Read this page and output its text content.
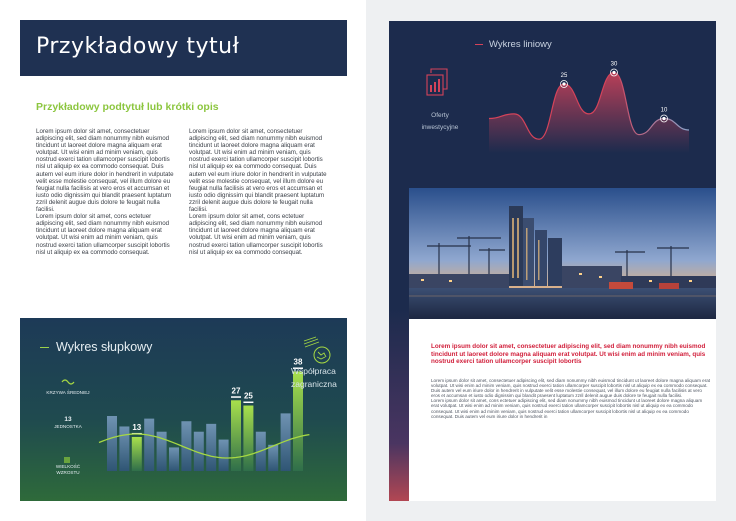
Przykładowy tytuł
Przykładowy podtytuł lub krótki opis

Lorem ipsum dolor sit amet, consectetuer adipiscing elit, sed diam nonummy nibh euismod tincidunt ut laoreet dolore magna aliquam erat volutpat. Ut wisi enim ad minim veniam, quis nostrud exerci tation ullamcorper suscipit lobortis nisl ut aliquip ex ea commodo consequat. Duis autem vel eum iriure dolor in hendrerit in vulputate velit esse molestie consequat, vel illum dolore eu feugiat nulla facilisis at vero eros et accumsan et iusto odio dignissim qui blandit praesent luptatum zzril delenit augue duis dolore te feugait nulla facilisi.

Lorem ipsum dolor sit amet, cons ectetuer adipiscing elit, sed diam nonummy nibh euismod tincidunt ut laoreet dolore magna aliquam erat volutpat. Ut wisi enim ad minim veniam, quis nostrud exerci tation ullamcorper suscipit lobortis nisl ut aliquip ex ea commodo consequat.

Lorem ipsum dolor sit amet, consectetuer adipiscing elit, sed diam nonummy nibh euismod tincidunt ut laoreet dolore magna aliquam erat volutpat. Ut wisi enim ad minim veniam, quis nostrud exerci tation ullamcorper suscipit lobortis nisl ut aliquip ex ea commodo consequat. Duis autem vel eum iriure dolor in hendrerit in vulputate velit esse molestie consequat, vel illum dolore eu feugiat nulla facilisis at vero eros et accumsan et iusto odio dignissim qui blandit praesent luptatum zzril delenit augue duis dolore te feugait nulla facilisi.

Lorem ipsum dolor sit amet, cons ectetuer adipiscing elit, sed diam nonummy nibh euismod tincidunt ut laoreet dolore magna aliquam erat volutpat. Ut wisi enim ad minim veniam, quis nostrud exerci tation ullamcorper suscipit lobortis nisl ut aliquip ex ea commodo consequat.

13
27
25
38
Wykres słupkowy
Współpraca zagraniczna
KRZYWA ŚREDNIEJ
13
JEDNOSTKA
WIELKOŚĆ WZROSTU
25
30
10
Wykres liniowy
Oferty inwestycyjne
Lorem ipsum dolor sit amet, consectetuer adipiscing elit, sed diam nonummy nibh euismod tincidunt ut laoreet dolore magna aliquam erat volutpat. Ut wisi enim ad minim veniam, quis nostrud exerci tation ullamcorper suscipit lobortis

Lorem ipsum dolor sit amet, consectetuer adipiscing elit, sed diam nonummy nibh euismod tincidunt ut laoreet dolore magna aliquam erat volutpat. Ut wisi enim ad minim veniam, quis nostrud exerci tation ullamcorper suscipit lobortis nisl ut aliquip ex ea commodo consequat. Duis autem vel eum iriure dolor in hendrerit in vulputate velit esse molestie consequat, vel illum dolore eu feugiat nulla facilisis at vero eros et accumsan et iusto odio dignissim qui blandit praesent luptatum zzril delenit augue duis dolore te feugait nulla facilisi.

Lorem ipsum dolor sit amet, cons ectetuer adipiscing elit, sed diam nonummy nibh euismod tincidunt ut laoreet dolore magna aliquam erat volutpat. Ut wisi enim ad minim veniam, quis nostrud exerci tation ullamcorper suscipit lobortis nisl ut aliquip ex ea commodo consequat. Ut wisi enim ad minim veniam, quis nostrud exerci tation ullamcorper suscipit lobortis nisl ut aliquip ex ea commodo consequat. Duis autem vel eum iriure dolor in hendrerit in
